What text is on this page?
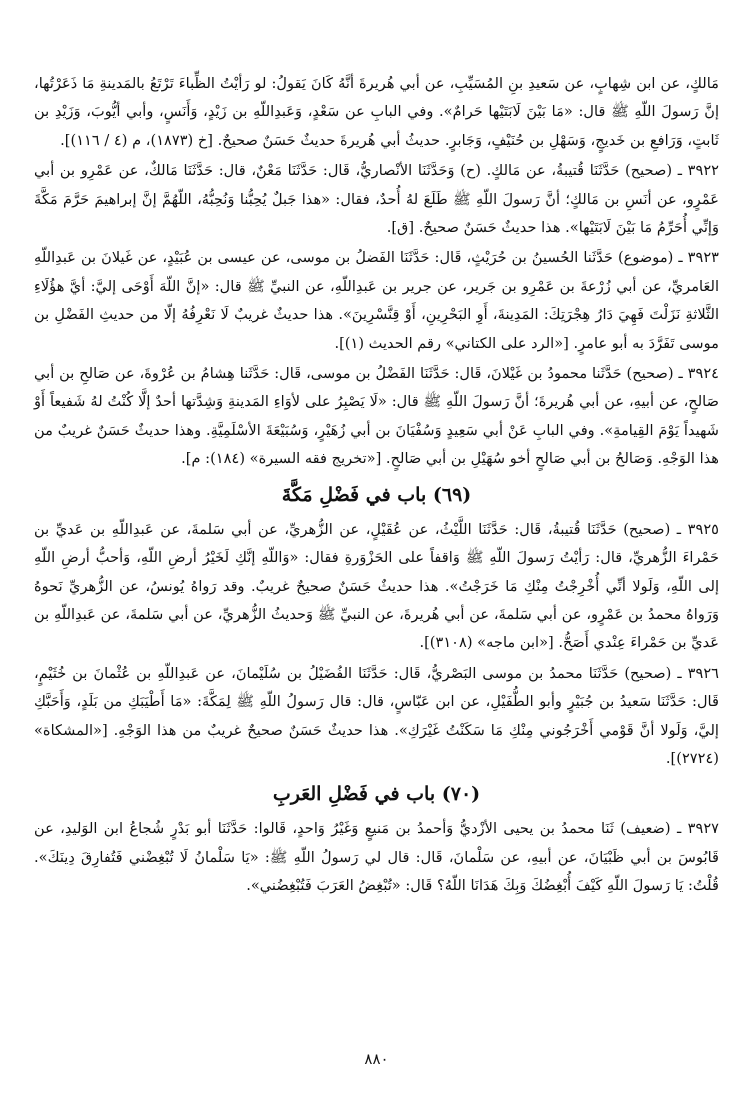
مَالكٍ، عن ابن شِهابٍ، عن سَعيدِ بنِ المُسَيِّبِ، عن أبي هُريرةَ أنَّهُ كَانَ يَقولُ: لو رَأيْتُ الظِّباءَ تَرْتَعُ بالمَدينةِ مَا ذَعَرْتُها، إنَّ رَسولَ اللّهِ ﷺ قال: «مَا بَيْنَ لَابَتَيْها حَرامٌ». وفي البابِ عن سَعْدٍ، وَعَبدِاللّهِ بن زَيْدٍ، وَأَنَسٍ، وأبي أيُّوبَ، وَزَيْدِ بن ثَابتٍ، وَرَافعِ بن خَديجٍ، وَسَهْلِ بن حُنَيْفٍ، وَجَابرٍ. حديثُ أبي هُريرةَ حديثٌ حَسَنٌ صحيحٌ. [خ (١٨٧٣)، م (٤ / ١١٦)].

٣٩٢٢ ـ (صحيح) حَدَّثَنَا قُتيبةُ، عن مَالكٍ. (ح) وَحَدَّثَنَا الأنْصاريُّ، قَال: حَدَّثَنَا مَعْنٌ، قال: حَدَّثَنَا مَالكٌ، عن عَمْرِو بن أبي عَمْرٍو، عن أنَسِ بن مَالكٍ؛ أنَّ رَسولَ اللّهِ ﷺ طَلَعَ لهُ أُحدٌ، فقال: «هذا جَبلٌ يُحِبُّنا وَنُحِبُّهُ، اللّهُمَّ إنَّ إبراهيمَ حَرَّمَ مَكَّةَ وَإنِّي أُحَرِّمُ مَا بَيْنَ لَابَتَيْها». هذا حديثٌ حَسَنٌ صحيحٌ. [ق].

٣٩٢٣ ـ (موضوع) حَدَّثَنا الحُسينُ بن حُرَيْثٍ، قَال: حَدَّثَنَا الفَضلُ بن موسى، عن عيسى بن عُبَيْدٍ، عن غَيلانَ بن عَبدِاللّهِ العَامريِّ، عن أبي زُرْعةَ بن عَمْرِو بن جَرير، عن جرير بن عَبدِاللّهِ، عن النبيِّ ﷺ قال: «إنَّ اللّهَ أَوْحَى إليَّ: أيَّ هؤُلَاءِ الثَّلاثةِ نَزَلْتَ فَهِيَ دَارُ هِجْرَتِكَ: المَدِينةَ، أَوِ البَحْرِينِ، أَوْ قِنَّسْرِينَ». هذا حديثٌ غريبٌ لَا نَعْرِفُهُ إلّا من حديثِ الفَضْلِ بن موسى تَفَرَّدَ به أبو عامرٍ. [«الرد على الكتاني» رقم الحديث (١)].

٣٩٢٤ ـ (صحيح) حَدَّثَنا محمودُ بن غَيْلانَ، قَال: حَدَّثَنَا الفَضْلُ بن موسى، قَال: حَدَّثَنا هِشامُ بن عُرْوةَ، عن صَالحِ بن أبي صَالحٍ، عن أبيهِ، عن أبي هُريرةَ؛ أنَّ رَسولَ اللّهِ ﷺ قال: «لَا يَصْبِرُ على لأوَاءِ المَدينةِ وَشِدَّتها أحدٌ إلَّا كُنْتُ لهُ شَفيعاً أَوْ شَهيداً يَوْمَ القِيامةِ». وفي البابِ عَنْ أبي سَعِيدٍ وَسُفْيَانَ بن أبي زُهَيْرٍ، وَسُبَيْعَةَ الأسْلَمِيَّةِ. وهذا حديثٌ حَسَنٌ غريبٌ من هذا الوَجْهِ. وَصَالحُ بن أبي صَالحٍ أخو سُهَيْلِ بن أبي صَالحٍ. [«تخريج فقه السيرة» (١٨٤): م].

(٦٩) باب في فَضْلِ مَكَّةَ

٣٩٢٥ ـ (صحيح) حَدَّثَنَا قُتيبةُ، قَال: حَدَّثَنَا اللَّيْثُ، عن عُقَيْلٍ، عن الزُّهريِّ، عن أبي سَلمةَ، عن عَبدِاللّهِ بن عَديِّ بن حَمْراءَ الزُّهريِّ، قال: رَأيْتُ رَسولَ اللّهِ ﷺ وَاقفاً على الحَزْوَرةِ فقال: «وَاللّهِ إنَّكِ لَخَيْرُ أرضِ اللّهِ، وَأحبُّ أرضِ اللّهِ إلى اللّهِ، وَلَولا أنِّي أُخْرِجْتُ مِنْكِ مَا خَرَجْتُ». هذا حديثٌ حَسَنٌ صحيحٌ غريبٌ. وقد رَواهُ يُونسُ، عن الزُّهريِّ نَحوهُ وَرَواهُ محمدُ بن عَمْرٍو، عن أبي سَلمةَ، عن أبي هُريرةَ، عن النبيِّ ﷺ وَحديثُ الزُّهريِّ، عن أبي سَلمةَ، عن عَبدِاللّهِ بن عَديِّ بن حَمْراءَ عِنْدي أَصَحُّ. [«ابن ماجه» (٣١٠٨)].

٣٩٢٦ ـ (صحيح) حَدَّثَنَا محمدُ بن موسى البَصْريُّ، قَال: حَدَّثَنَا الفُضَيْلُ بن سُلَيْمانَ، عن عَبدِاللّهِ بن عُثْمانَ بن خُثَيْمٍ، قَال: حَدَّثَنَا سَعيدُ بن جُبَيْرٍ وأبو الطُّفَيْلِ، عن ابن عَبّاسٍ، قال: قال رَسولُ اللّهِ ﷺ لِمَكَّةَ: «مَا أَطْيَبَكِ من بَلَدٍ، وَأَحَبَّكِ إليَّ، وَلَولا أنَّ قَوْمي أَخْرَجُوني مِنْكِ مَا سَكَنْتُ غَيْرَكِ». هذا حديثٌ حَسَنٌ صحيحٌ غريبٌ من هذا الوَجْهِ. [«المشكاة» (٢٧٢٤)].

(٧٠) باب في فَضْلِ العَربِ

٣٩٢٧ ـ (ضعيف) ثَنَا محمدُ بن يحيى الأزْديُّ وَأحمدُ بن مَنيعٍ وَغَيْرُ وَاحدٍ، قَالوا: حَدَّثَنَا أبو بَدْرٍ شُجاعُ ابن الوَليدِ، عن قَابُوسَ بن أبي ظَبْيَانَ، عن أبيهِ، عن سَلْمانَ، قَال: قال لي رَسولُ اللّهِ ﷺ: «يَا سَلْمانُ لَا تُبْغِضْني فَتُفارِقَ دِينَكَ». قُلْتُ: يَا رَسولَ اللّهِ كَيْفَ أُبْغِضُكَ وَبِكَ هَدَانَا اللّهُ؟ قَال: «تُبْغِضُ العَرَبَ فَتُبْغِضُني».

٨٨٠
